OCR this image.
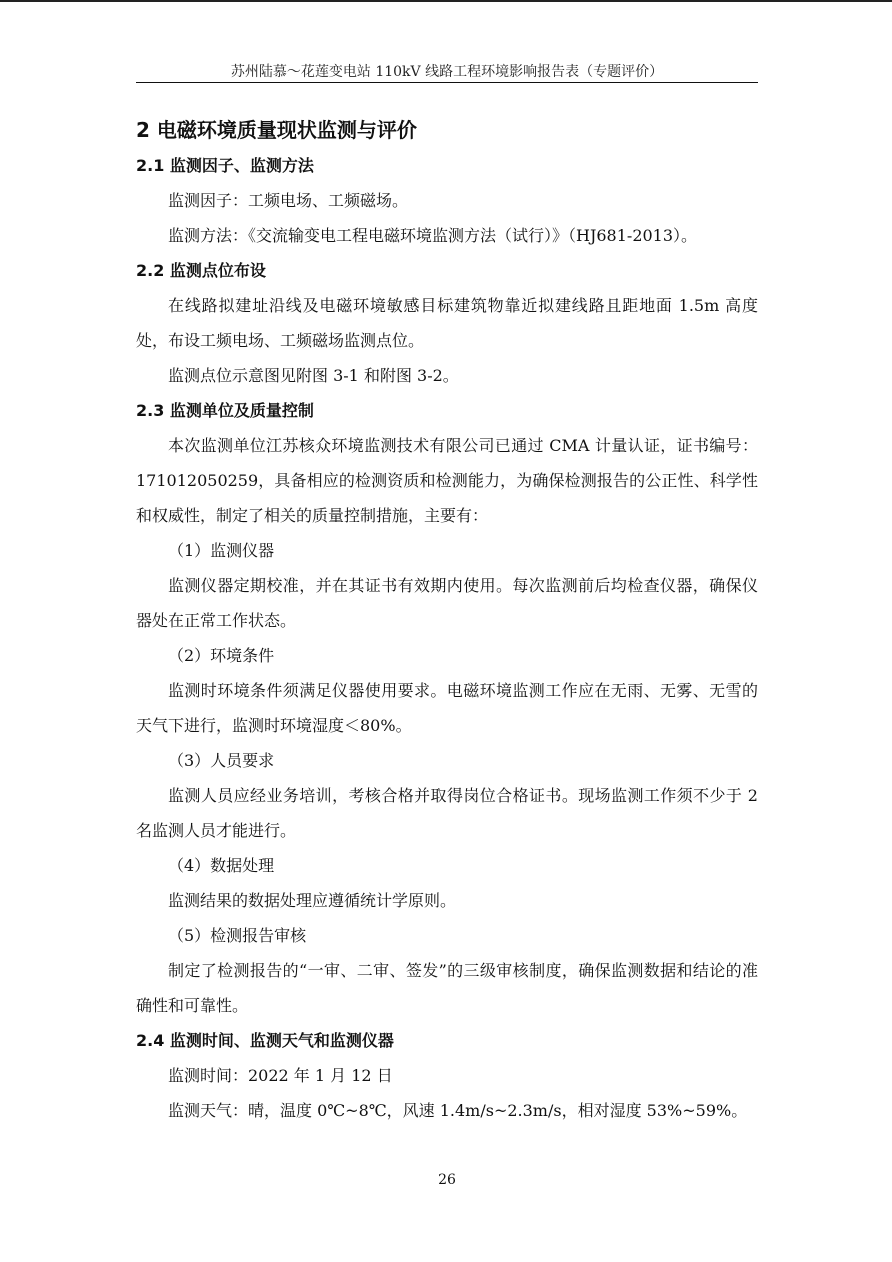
苏州陆慕～花莲变电站 110kV 线路工程环境影响报告表（专题评价）
2 电磁环境质量现状监测与评价
2.1 监测因子、监测方法

监测因子：工频电场、工频磁场。

监测方法：《交流输变电工程电磁环境监测方法（试行）》（HJ681-2013）。

2.2 监测点位布设

在线路拟建址沿线及电磁环境敏感目标建筑物靠近拟建线路且距地面 1.5m 高度处，布设工频电场、工频磁场监测点位。

监测点位示意图见附图 3-1 和附图 3-2。

2.3 监测单位及质量控制

本次监测单位江苏核众环境监测技术有限公司已通过 CMA 计量认证，证书编号：171012050259，具备相应的检测资质和检测能力，为确保检测报告的公正性、科学性和权威性，制定了相关的质量控制措施，主要有：

（1）监测仪器

监测仪器定期校准，并在其证书有效期内使用。每次监测前后均检查仪器，确保仪器处在正常工作状态。

（2）环境条件

监测时环境条件须满足仪器使用要求。电磁环境监测工作应在无雨、无雾、无雪的天气下进行，监测时环境湿度＜80%。

（3）人员要求

监测人员应经业务培训，考核合格并取得岗位合格证书。现场监测工作须不少于 2 名监测人员才能进行。

（4）数据处理

监测结果的数据处理应遵循统计学原则。

（5）检测报告审核

制定了检测报告的“一审、二审、签发”的三级审核制度，确保监测数据和结论的准确性和可靠性。

2.4 监测时间、监测天气和监测仪器

监测时间：2022 年 1 月 12 日

监测天气：晴，温度 0℃~8℃，风速 1.4m/s~2.3m/s，相对湿度 53%~59%。

26
